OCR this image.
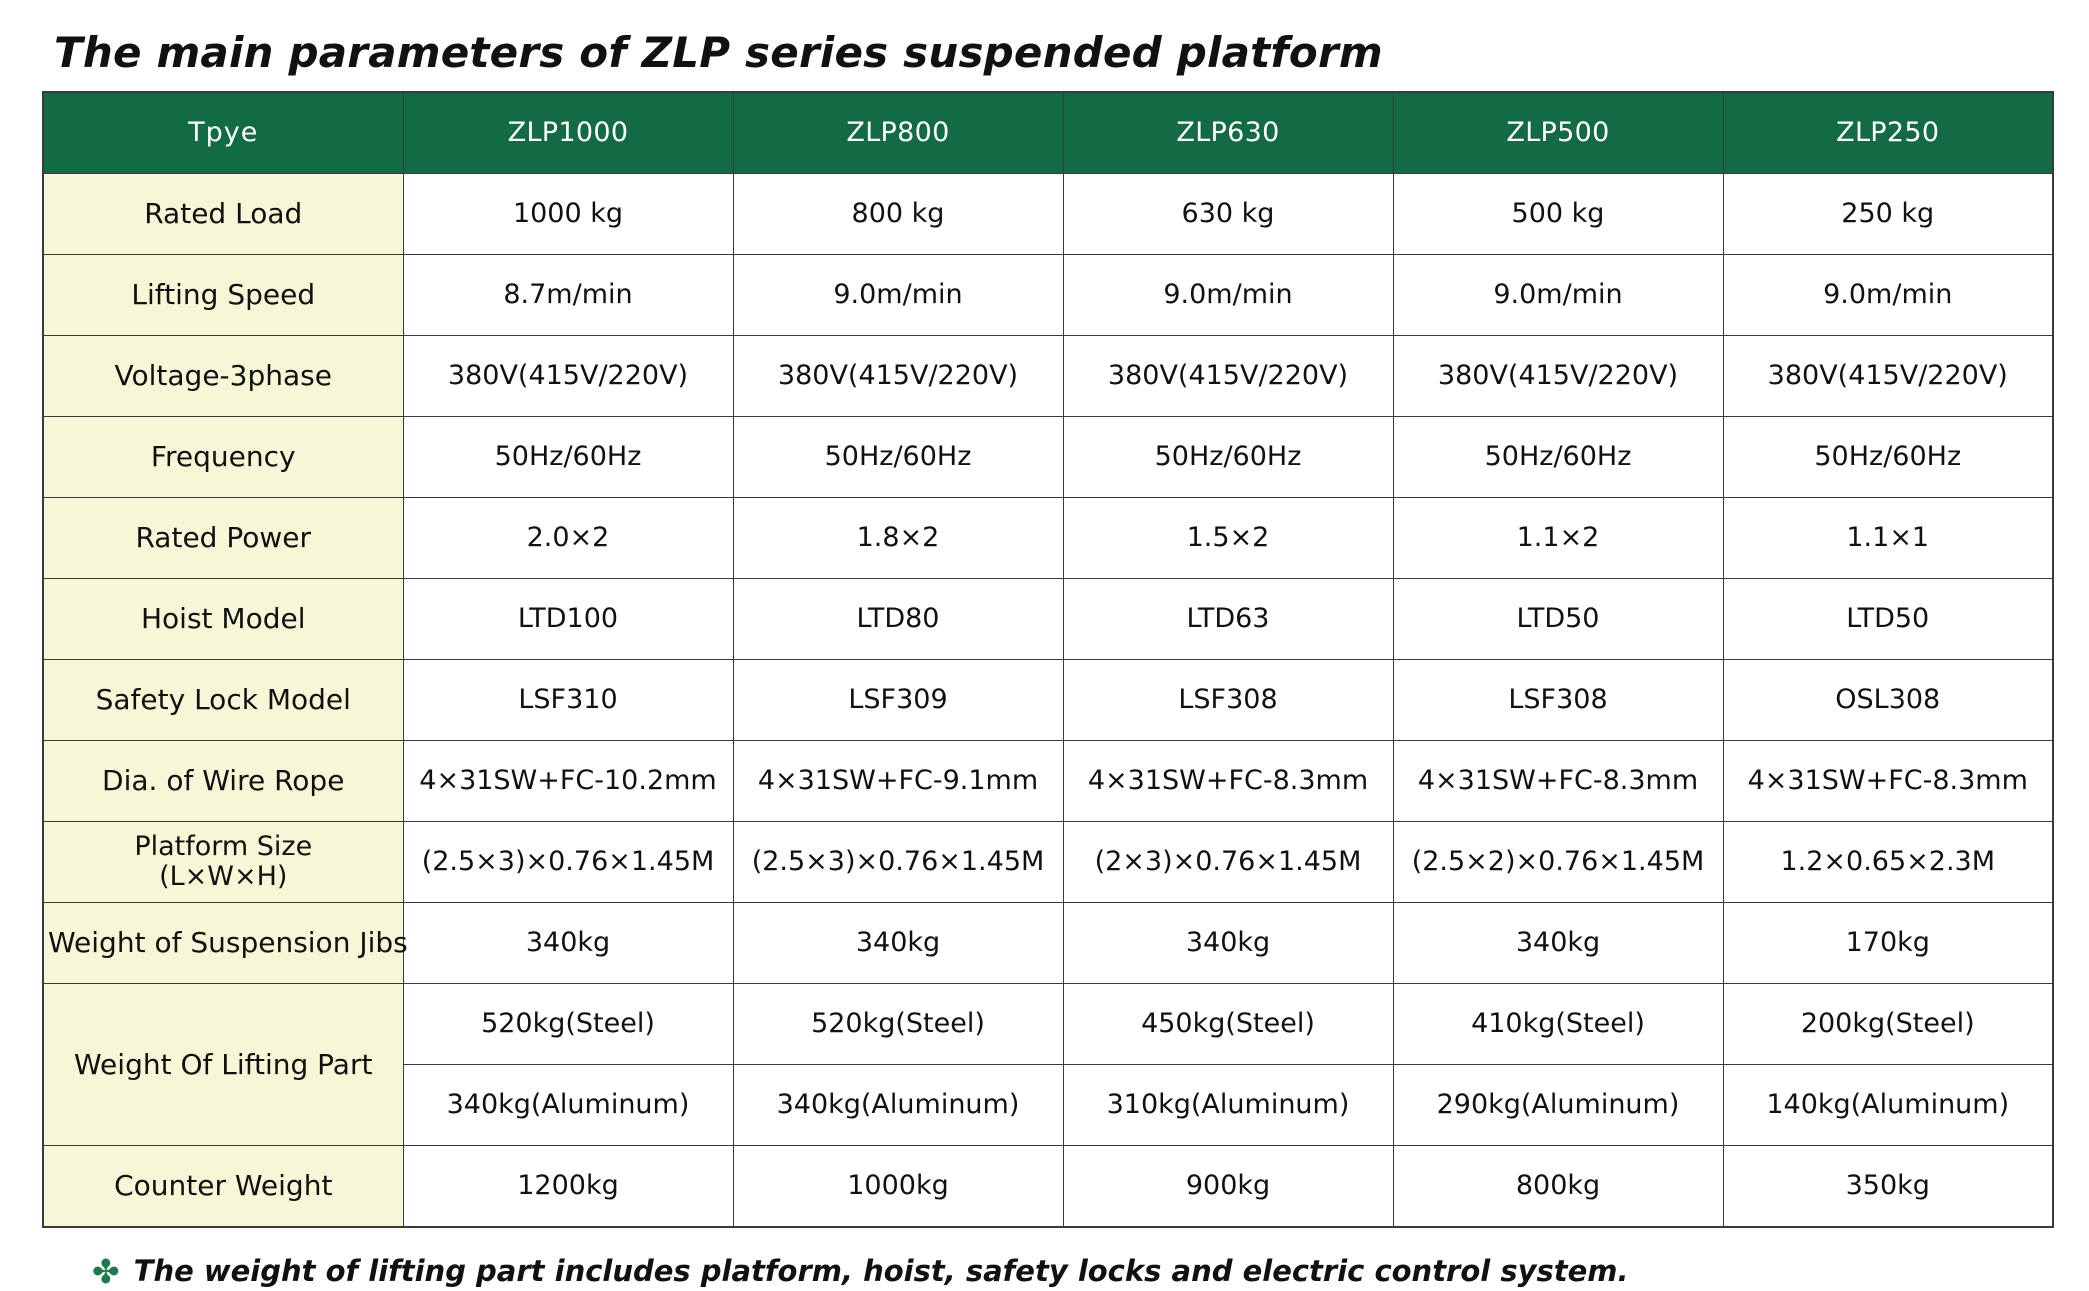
The main parameters of ZLP series suspended platform
Tpye	ZLP1000	ZLP800	ZLP630	ZLP500	ZLP250
Rated Load	1000 kg	800 kg	630 kg	500 kg	250 kg
Lifting Speed	8.7m/min	9.0m/min	9.0m/min	9.0m/min	9.0m/min
Voltage-3phase	380V(415V/220V)	380V(415V/220V)	380V(415V/220V)	380V(415V/220V)	380V(415V/220V)
Frequency	50Hz/60Hz	50Hz/60Hz	50Hz/60Hz	50Hz/60Hz	50Hz/60Hz
Rated Power	2.0×2	1.8×2	1.5×2	1.1×2	1.1×1
Hoist Model	LTD100	LTD80	LTD63	LTD50	LTD50
Safety Lock Model	LSF310	LSF309	LSF308	LSF308	OSL308
Dia. of Wire Rope	4×31SW+FC-10.2mm	4×31SW+FC-9.1mm	4×31SW+FC-8.3mm	4×31SW+FC-8.3mm	4×31SW+FC-8.3mm

Platform Size
(L×W×H)	(2.5×3)×0.76×1.45M	(2.5×3)×0.76×1.45M	(2×3)×0.76×1.45M	(2.5×2)×0.76×1.45M	1.2×0.65×2.3M
Weight of Suspension Jibs	340kg	340kg	340kg	340kg	170kg
Weight Of Lifting Part	520kg(Steel)	520kg(Steel)	450kg(Steel)	410kg(Steel)	200kg(Steel)
	340kg(Aluminum)	340kg(Aluminum)	310kg(Aluminum)	290kg(Aluminum)	140kg(Aluminum)
Counter Weight	1200kg	1000kg	900kg	800kg	350kg
✤ The weight of lifting part includes platform, hoist, safety locks and electric control system.
